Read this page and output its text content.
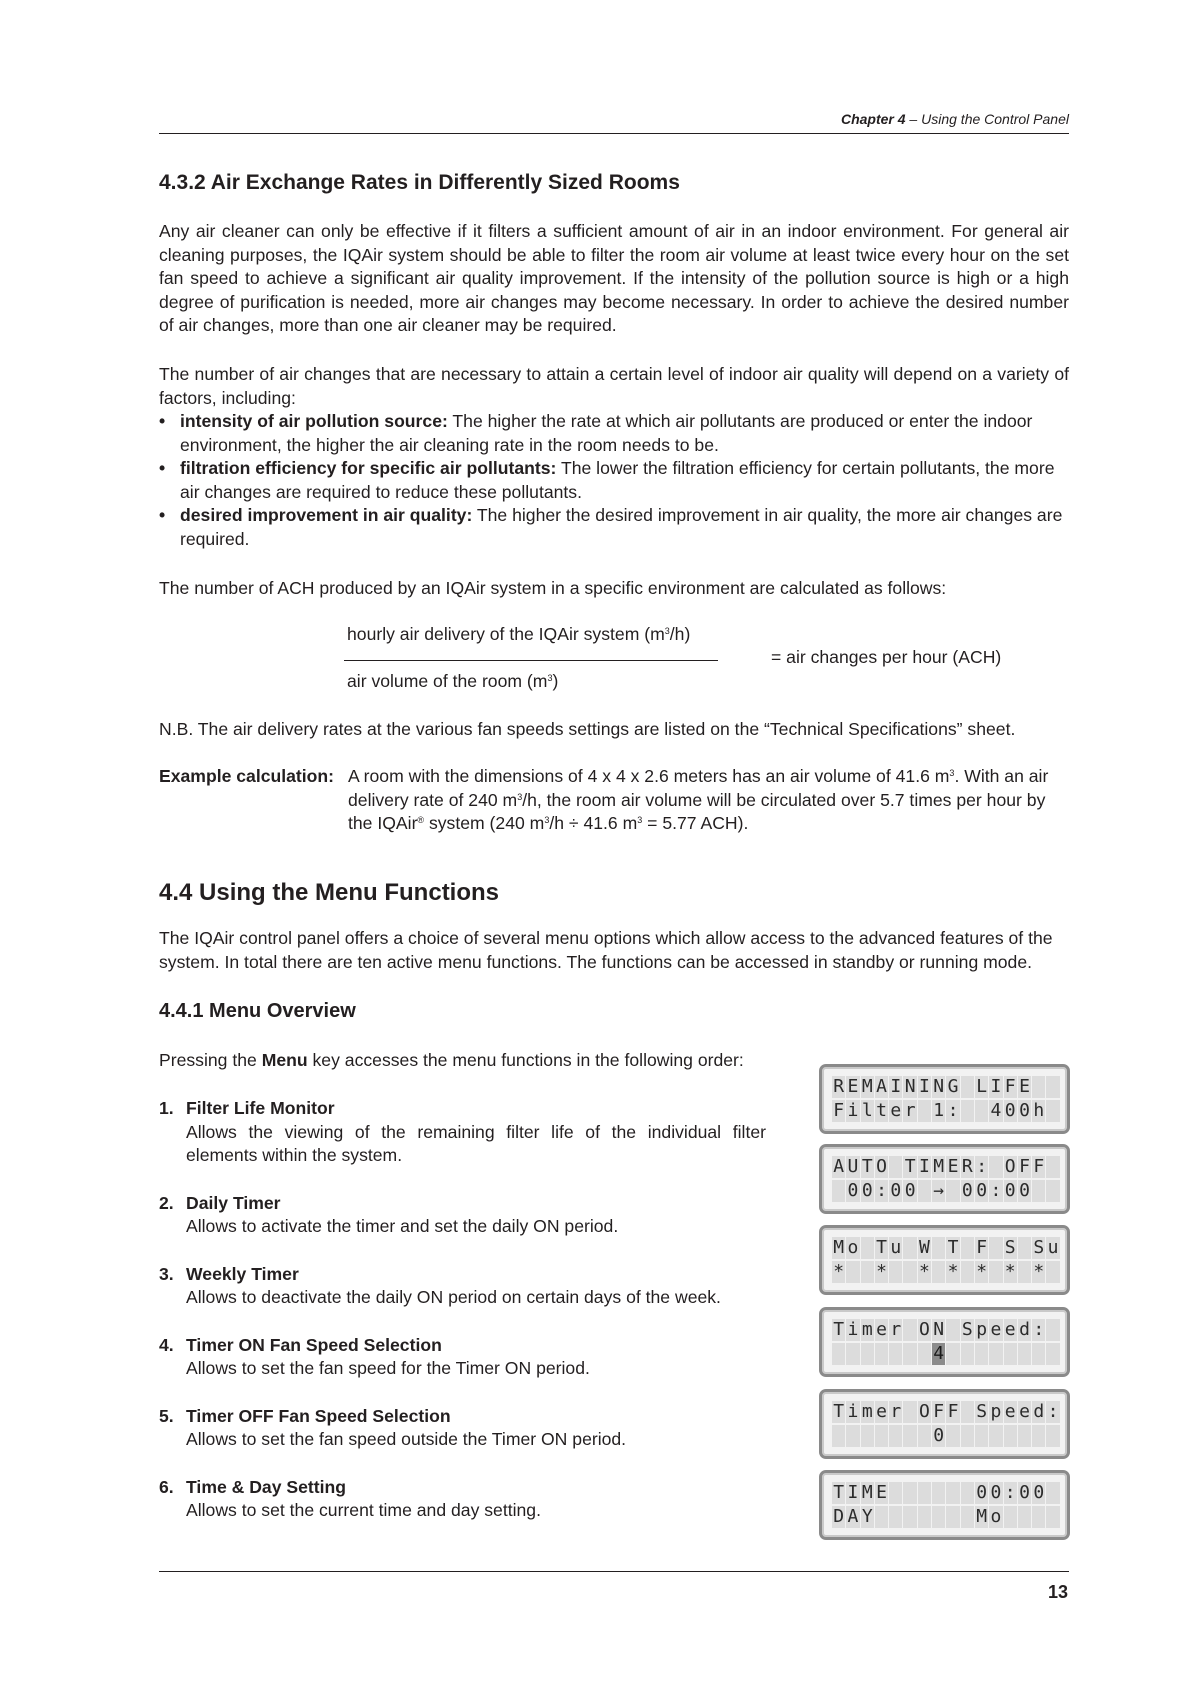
Chapter 4 – Using the Control Panel
4.3.2 Air Exchange Rates in Differently Sized Rooms

Any air cleaner can only be effective if it filters a sufficient amount of air in an indoor environment. For general air cleaning purposes, the IQAir system should be able to filter the room air volume at least twice every hour on the set fan speed to achieve a significant air quality improvement. If the intensity of the pollution source is high or a high degree of purification is needed, more air changes may become necessary. In order to achieve the desired number of air changes, more than one air cleaner may be required.

The number of air changes that are necessary to attain a certain level of indoor air quality will depend on a variety of factors, including:

• intensity of air pollution source: The higher the rate at which air pollutants are produced or enter the indoor environment, the higher the air cleaning rate in the room needs to be.
• filtration efficiency for specific air pollutants: The lower the filtration efficiency for certain pollutants, the more air changes are required to reduce these pollutants.
• desired improvement in air quality: The higher the desired improvement in air quality, the more air changes are required.

The number of ACH produced by an IQAir system in a specific environment are calculated as follows:

hourly air delivery of the IQAir system $(m^3/h)$
air volume of the room $(m^3)$
= air changes per hour (ACH)

N.B. The air delivery rates at the various fan speeds settings are listed on the “Technical Specifications” sheet.

Example calculation: A room with the dimensions of 4 x 4 x 2.6 meters has an air volume of 41.6 $m^3$. With an air delivery rate of 240 $m^3/h$, the room air volume will be circulated over 5.7 times per hour by the IQAir® system (240 $m^3/h \div 41.6$ $m^3 = 5.77$ ACH).
4.4 Using the Menu Functions

The IQAir control panel offers a choice of several menu options which allow access to the advanced features of the system. In total there are ten active menu functions. The functions can be accessed in standby or running mode.

4.4.1 Menu Overview

Pressing the Menu key accesses the menu functions in the following order:

1. Filter Life Monitor
Allows the viewing of the remaining filter life of the individual filter elements within the system.
2. Daily Timer
Allows to activate the timer and set the daily ON period.
3. Weekly Timer
Allows to deactivate the daily ON period on certain days of the week.
4. Timer ON Fan Speed Selection
Allows to set the fan speed for the Timer ON period.
5. Timer OFF Fan Speed Selection
Allows to set the fan speed outside the Timer ON period.
6. Time & Day Setting
Allows to set the current time and day setting.
R E M A I N I N G L I F E
F i l t e r 1 : 4 0 0 h
A U T O T I M E R : O F F
0 0 : 0 0 → 0 0 : 0 0
M o T u W T F S S u
* * * * * * *
T i m e r O N S p e e d :
4
T i m e r O F F S p e e d :
0
T I M E	0 0 : 0 0
D A Y	M o
13
